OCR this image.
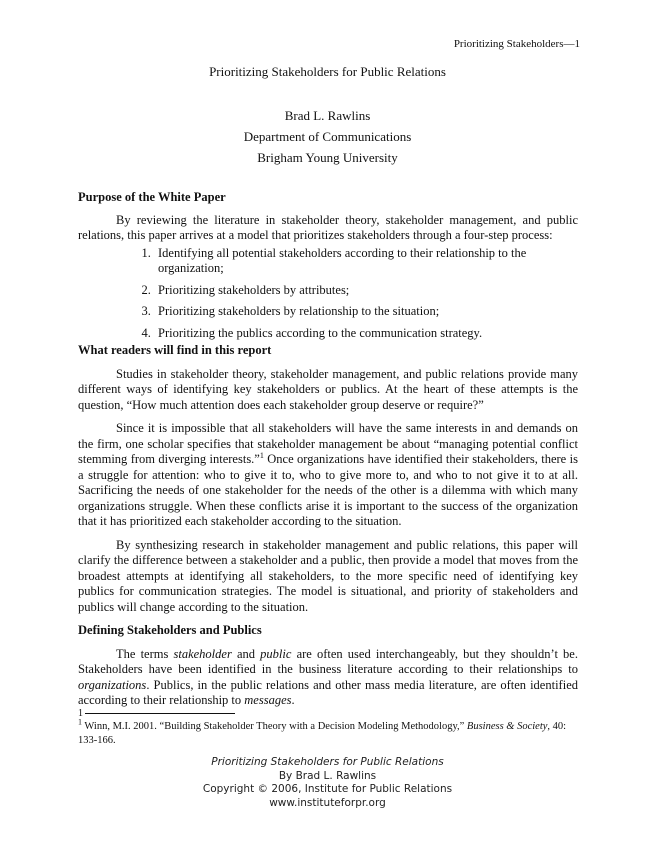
Prioritizing Stakeholders—1
Prioritizing Stakeholders for Public Relations
Brad L. Rawlins
Department of Communications
Brigham Young University
Purpose of the White Paper

By reviewing the literature in stakeholder theory, stakeholder management, and public relations, this paper arrives at a model that prioritizes stakeholders through a four-step process:

1. Identifying all potential stakeholders according to their relationship to the organization;
2. Prioritizing stakeholders by attributes;
3. Prioritizing stakeholders by relationship to the situation;
4. Prioritizing the publics according to the communication strategy.
What readers will find in this report

Studies in stakeholder theory, stakeholder management, and public relations provide many different ways of identifying key stakeholders or publics. At the heart of these attempts is the question, “How much attention does each stakeholder group deserve or require?”

Since it is impossible that all stakeholders will have the same interests in and demands on the firm, one scholar specifies that stakeholder management be about “managing potential conflict stemming from diverging interests.”$^1$ Once organizations have identified their stakeholders, there is a struggle for attention: who to give it to, who to give more to, and who to not give it to at all. Sacrificing the needs of one stakeholder for the needs of the other is a dilemma with which many organizations struggle. When these conflicts arise it is important to the success of the organization that it has prioritized each stakeholder according to the situation.

By synthesizing research in stakeholder management and public relations, this paper will clarify the difference between a stakeholder and a public, then provide a model that moves from the broadest attempts at identifying all stakeholders, to the more specific need of identifying key publics for communication strategies. The model is situational, and priority of stakeholders and publics will change according to the situation.

Defining Stakeholders and Publics

The terms stakeholder and public are often used interchangeably, but they shouldn’t be. Stakeholders have been identified in the business literature according to their relationships to organizations. Publics, in the public relations and other mass media literature, are often identified according to their relationship to messages.

1
$^1$ Winn, M.I. 2001. “Building Stakeholder Theory with a Decision Modeling Methodology,” Business & Society, 40: 133-166.
Prioritizing Stakeholders for Public Relations
By Brad L. Rawlins
Copyright © 2006, Institute for Public Relations
www.instituteforpr.org
